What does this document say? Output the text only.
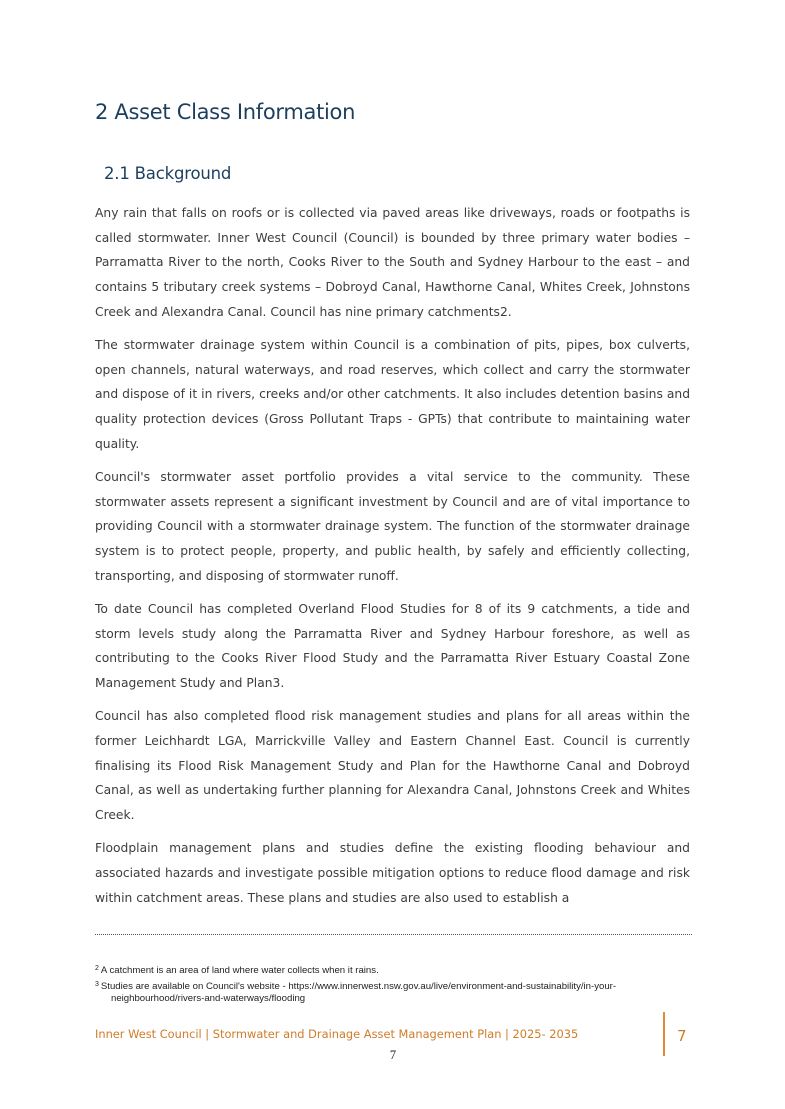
2 Asset Class Information
2.1 Background

Any rain that falls on roofs or is collected via paved areas like driveways, roads or footpaths is called stormwater. Inner West Council (Council) is bounded by three primary water bodies – Parramatta River to the north, Cooks River to the South and Sydney Harbour to the east – and contains 5 tributary creek systems – Dobroyd Canal, Hawthorne Canal, Whites Creek, Johnstons Creek and Alexandra Canal. Council has nine primary catchments2.

The stormwater drainage system within Council is a combination of pits, pipes, box culverts, open channels, natural waterways, and road reserves, which collect and carry the stormwater and dispose of it in rivers, creeks and/or other catchments. It also includes detention basins and quality protection devices (Gross Pollutant Traps - GPTs) that contribute to maintaining water quality.

Council's stormwater asset portfolio provides a vital service to the community. These stormwater assets represent a significant investment by Council and are of vital importance to providing Council with a stormwater drainage system. The function of the stormwater drainage system is to protect people, property, and public health, by safely and efficiently collecting, transporting, and disposing of stormwater runoff.

To date Council has completed Overland Flood Studies for 8 of its 9 catchments, a tide and storm levels study along the Parramatta River and Sydney Harbour foreshore, as well as contributing to the Cooks River Flood Study and the Parramatta River Estuary Coastal Zone Management Study and Plan3.

Council has also completed flood risk management studies and plans for all areas within the former Leichhardt LGA, Marrickville Valley and Eastern Channel East. Council is currently finalising its Flood Risk Management Study and Plan for the Hawthorne Canal and Dobroyd Canal, as well as undertaking further planning for Alexandra Canal, Johnstons Creek and Whites Creek.

Floodplain management plans and studies define the existing flooding behaviour and associated hazards and investigate possible mitigation options to reduce flood damage and risk within catchment areas. These plans and studies are also used to establish a

$^2$ A catchment is an area of land where water collects when it rains.
$^3$ Studies are available on Council's website - https://www.innerwest.nsw.gov.au/live/environment-and-sustainability/in-your-
neighbourhood/rivers-and-waterways/flooding
Inner West Council | Stormwater and Drainage Asset Management Plan | 2025- 2035	7
7
